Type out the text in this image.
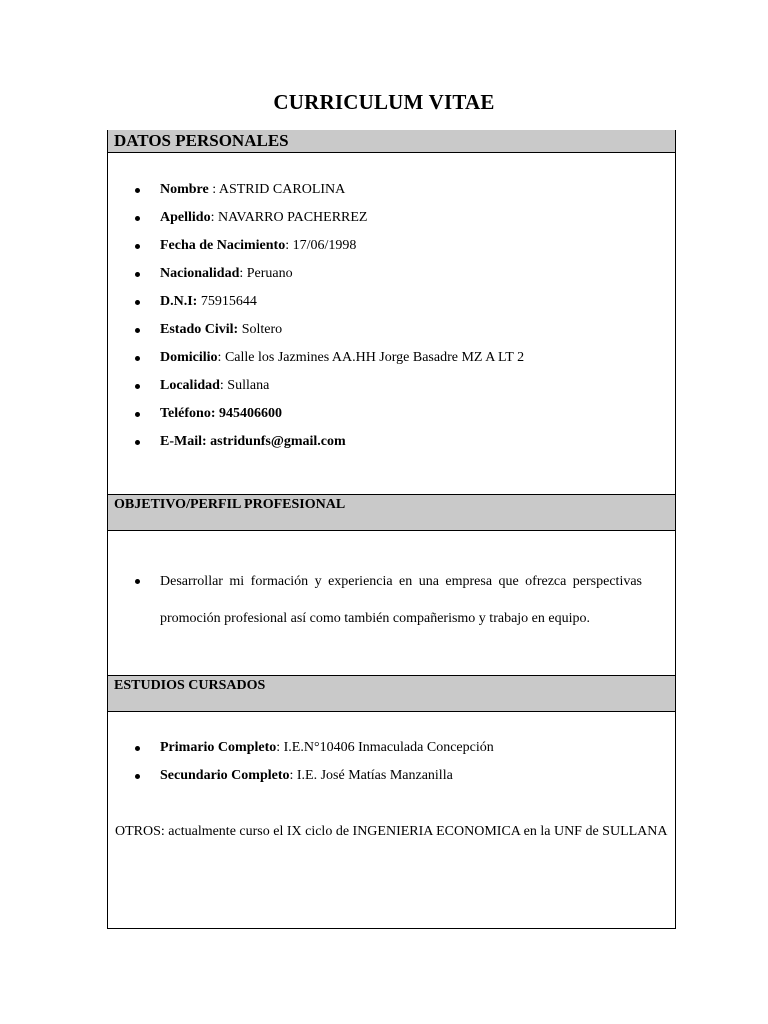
CURRICULUM VITAE
DATOS PERSONALES
Nombre : ASTRID CAROLINA
Apellido: NAVARRO PACHERREZ
Fecha de Nacimiento: 17/06/1998
Nacionalidad: Peruano
D.N.I: 75915644
Estado Civil: Soltero
Domicilio: Calle los Jazmines AA.HH Jorge Basadre MZ A LT 2
Localidad: Sullana
Teléfono: 945406600
E-Mail: astridunfs@gmail.com
OBJETIVO/PERFIL PROFESIONAL
Desarrollar mi formación y experiencia en una empresa que ofrezca perspectivas promoción profesional así como también compañerismo y trabajo en equipo.
ESTUDIOS CURSADOS
Primario Completo: I.E.N°10406 Inmaculada Concepción
Secundario Completo: I.E. José Matías Manzanilla
OTROS: actualmente curso el IX ciclo de INGENIERIA ECONOMICA en la UNF de SULLANA
